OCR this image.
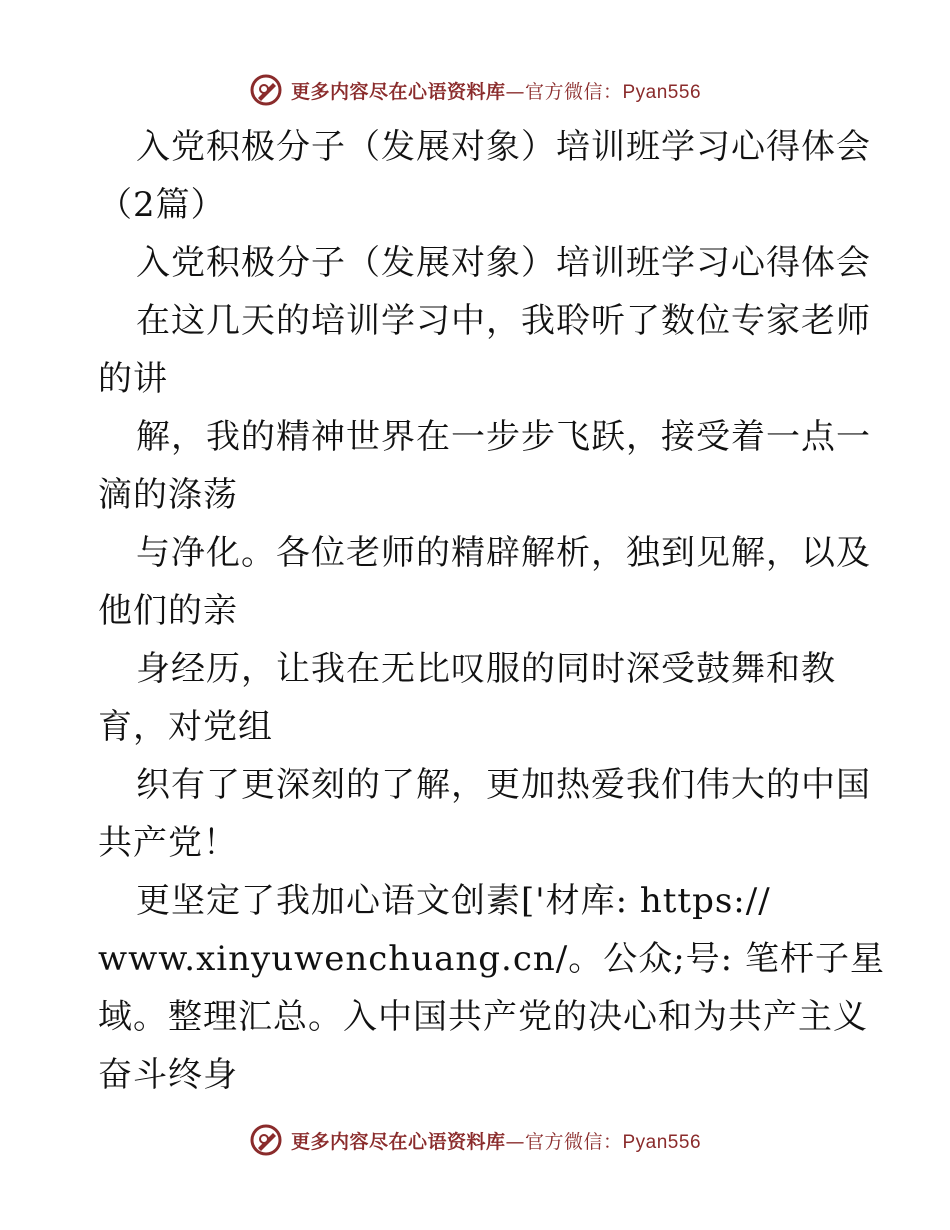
更多内容尽在心语资料库—官方微信：Pyan556
入党积极分子（发展对象）培训班学习心得体会
（2篇）
入党积极分子（发展对象）培训班学习心得体会
在这几天的培训学习中，我聆听了数位专家老师
的讲
解，我的精神世界在一步步飞跃，接受着一点一
滴的涤荡
与净化。各位老师的精辟解析，独到见解，以及
他们的亲
身经历，让我在无比叹服的同时深受鼓舞和教
育，对党组
织有了更深刻的了解，更加热爱我们伟大的中国
共产党！
更坚定了我加心语文创素['材库: https://
www.xinyuwenchuang.cn/。公众;号: 笔杆子星
域。整理汇总。入中国共产党的决心和为共产主义
奋斗终身
更多内容尽在心语资料库—官方微信：Pyan556
